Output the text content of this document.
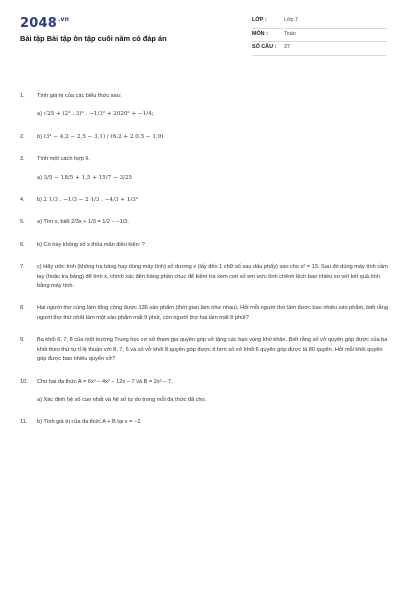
$2048^{.vn}$
Bài tập Bài tập ôn tập cuối năm có đáp án
LỚP :	Lớp 7
MÔN :	Toán
SỐ CÂU : 37
1. Tính giá trị của các biểu thức sau:

a) √25 + (2² . 3)² . −1/3² + 2020⁰ + −1/4;

2. b) (3⁴ − 4,2 − 2,5 − 3,1) / (6,2 + 2.0,5 − 1,9)

3. Tính một cách hợp lí.

a) 3/5 − 18/5 + 1,5 + 15/7 − 3/25

4. b) 2 1/3 . −1/3 − 2 1/3 . −4/3 + 1/3²

5. a) Tìm x, biết 2/3x + 1/3 = 1/2 − −1/3.

6. b) Có hay không số x thỏa mãn điều kiện: ?

7. c) Hãy ước tính (không tra bảng hay dùng máy tính) số dương x (lấy đến 1 chữ số sau dấu phẩy) sao cho x² = 13. Sau đó dùng máy tính cầm tay (hoặc tra bảng) để tính x, chính xác đến hàng phần chục để kiểm tra xem con số em ước tính chênh lệch bao nhiêu so với kết quả tính bằng máy tính.

8. Hai người thợ cùng làm tổng cộng được 136 sản phẩm (thời gian làm như nhau). Hỏi mỗi người thợ làm được bao nhiêu sản phẩm, biết rằng người thợ thứ nhất làm một sản phẩm mất 9 phút, còn người thợ hai làm mất 8 phút?

9. Ba khối 6, 7, 8 của một trường Trung học cơ sở tham gia quyên góp vở tặng các bạn vùng khó khăn. Biết rằng số vở quyên góp được của ba khối theo thứ tự tỉ lệ thuận với 8, 7, 6 và số vở khối 8 quyên góp được ít hơn số vở khối 6 quyên góp được là 80 quyển. Hỏi mỗi khối quyên góp được bao nhiêu quyển vở?

10. Cho hai đa thức A = 6x³ − 4x² − 12x − 7 và B = 2x² − 7.

a) Xác định hệ số cao nhất và hệ số tự do trong mỗi đa thức đã cho.

11. b) Tính giá trị của đa thức A + B tại x = −2.
